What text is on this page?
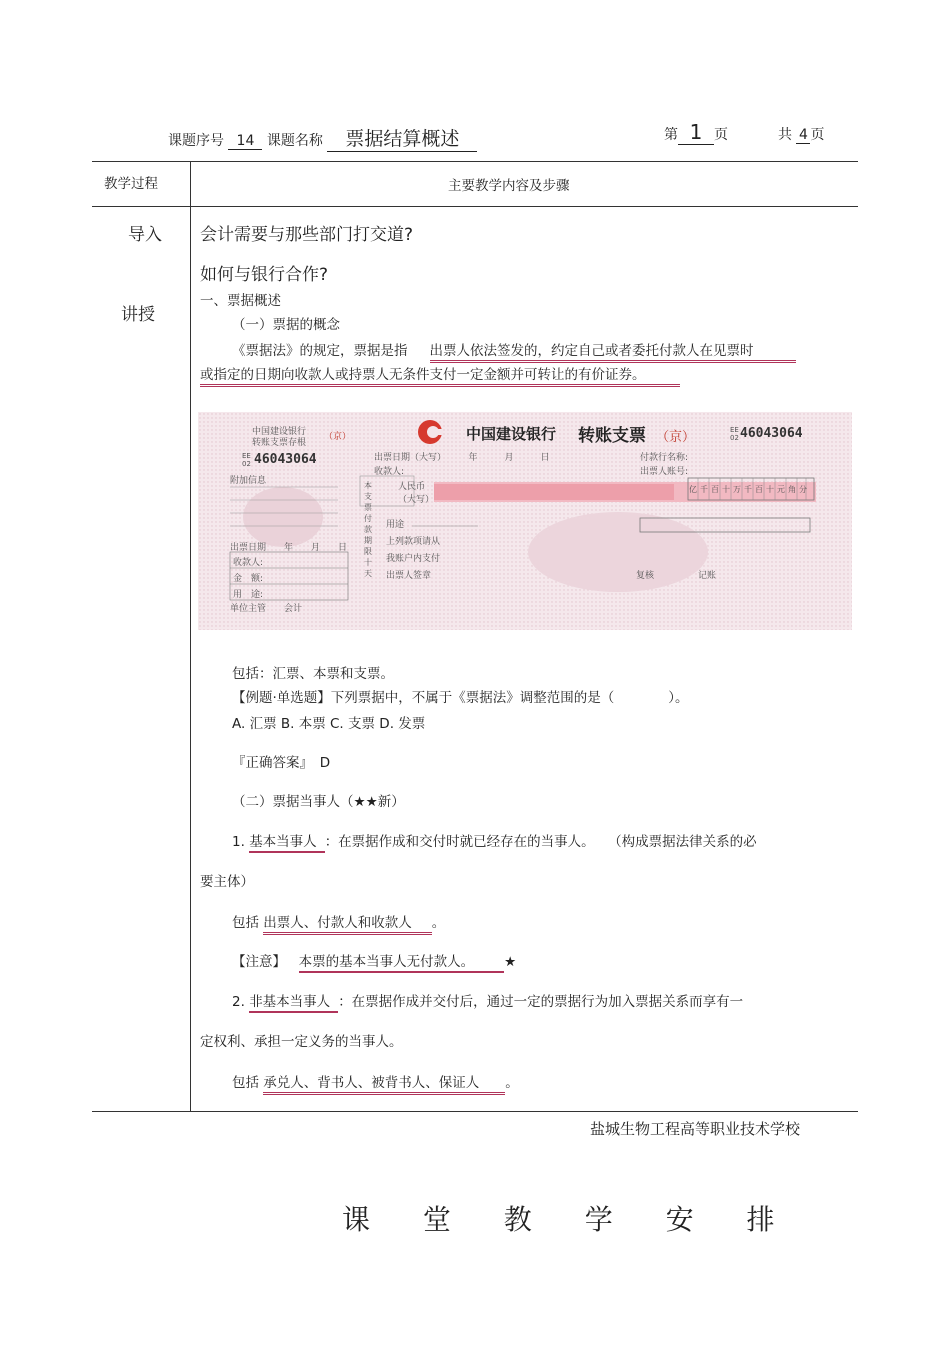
课题序号 14 课题名称 票据结算概述	第 1 页	共 4 页
教学过程	主要教学内容及步骤
导入
讲授
会计需要与那些部门打交道?
如何与银行合作?
一、票据概述
（一）票据的概念
《票据法》的规定，票据是指 出票人依法签发的，约定自己或者委托付款人在见票时
或指定的日期向收款人或持票人无条件支付一定金额并可转让的有价证券。
中国建设银行
转账支票存根
（京）
EE 02 46043064
附加信息
出票日期　　年　　月　　日
收款人:
金　额:
用　途:
单位主管　　会计
中国建设银行 转账支票 （京）	EE 02 46043064
出票日期（大写）　　　年　　　月　　　日	付款行名称:
收款人:	出票人账号:
本支票付款期限十天
人民币
（大写）
亿千百十万千百十元角分
用途
上列款项请从
我账户内支付
出票人签章	复核	记账
包括：汇票、本票和支票。
【例题·单选题】下列票据中，不属于《票据法》调整范围的是（　　　　）。
A. 汇票 B. 本票 C. 支票 D. 发票
『正确答案』　D
（二）票据当事人（★★新）
1. 基本当事人 ：在票据作成和交付时就已经存在的当事人。　　（构成票据法律关系的必
要主体）
包括 出票人、付款人和收款人 。
【注意】 本票的基本当事人无付款人。 ★
2. 非基本当事人 ：在票据作成并交付后，通过一定的票据行为加入票据关系而享有一
定权利、承担一定义务的当事人。
包括 承兑人、背书人、被背书人、保证人 。
盐城生物工程高等职业技术学校
课 堂 教 学 安 排
